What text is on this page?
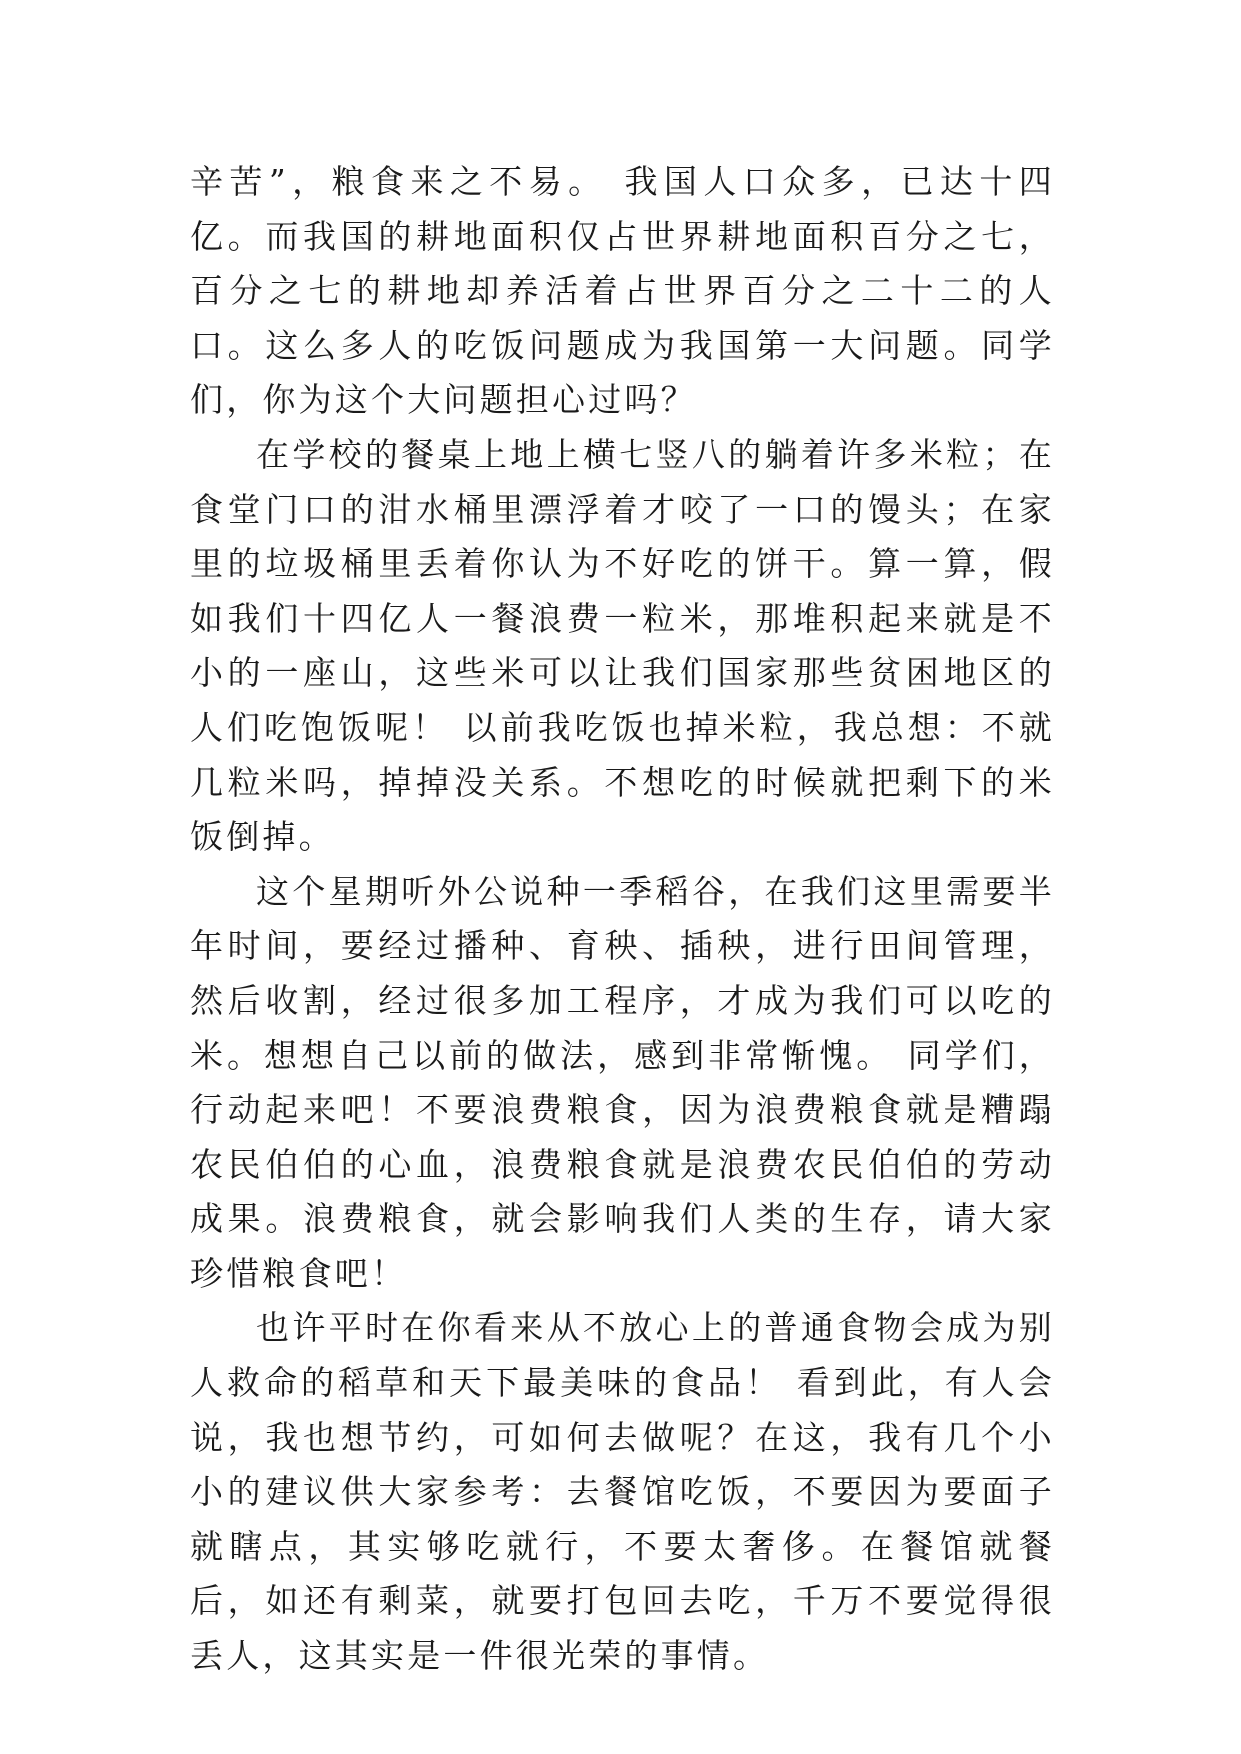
辛苦”，粮食来之不易。 我国人口众多，已达十四亿。而我国的耕地面积仅占世界耕地面积百分之七，百分之七的耕地却养活着占世界百分之二十二的人口。这么多人的吃饭问题成为我国第一大问题。同学们，你为这个大问题担心过吗？

在学校的餐桌上地上横七竖八的躺着许多米粒；在食堂门口的泔水桶里漂浮着才咬了一口的馒头；在家里的垃圾桶里丢着你认为不好吃的饼干。算一算，假如我们十四亿人一餐浪费一粒米，那堆积起来就是不小的一座山，这些米可以让我们国家那些贫困地区的人们吃饱饭呢！ 以前我吃饭也掉米粒，我总想：不就几粒米吗，掉掉没关系。不想吃的时候就把剩下的米饭倒掉。

这个星期听外公说种一季稻谷，在我们这里需要半年时间，要经过播种、育秧、插秧，进行田间管理，然后收割，经过很多加工程序，才成为我们可以吃的米。想想自己以前的做法，感到非常惭愧。 同学们，行动起来吧！不要浪费粮食，因为浪费粮食就是糟蹋农民伯伯的心血，浪费粮食就是浪费农民伯伯的劳动成果。浪费粮食，就会影响我们人类的生存，请大家珍惜粮食吧！

也许平时在你看来从不放心上的普通食物会成为别人救命的稻草和天下最美味的食品！ 看到此，有人会说，我也想节约，可如何去做呢？在这，我有几个小小的建议供大家参考：去餐馆吃饭，不要因为要面子就瞎点，其实够吃就行，不要太奢侈。在餐馆就餐后，如还有剩菜，就要打包回去吃，千万不要觉得很丢人，这其实是一件很光荣的事情。
